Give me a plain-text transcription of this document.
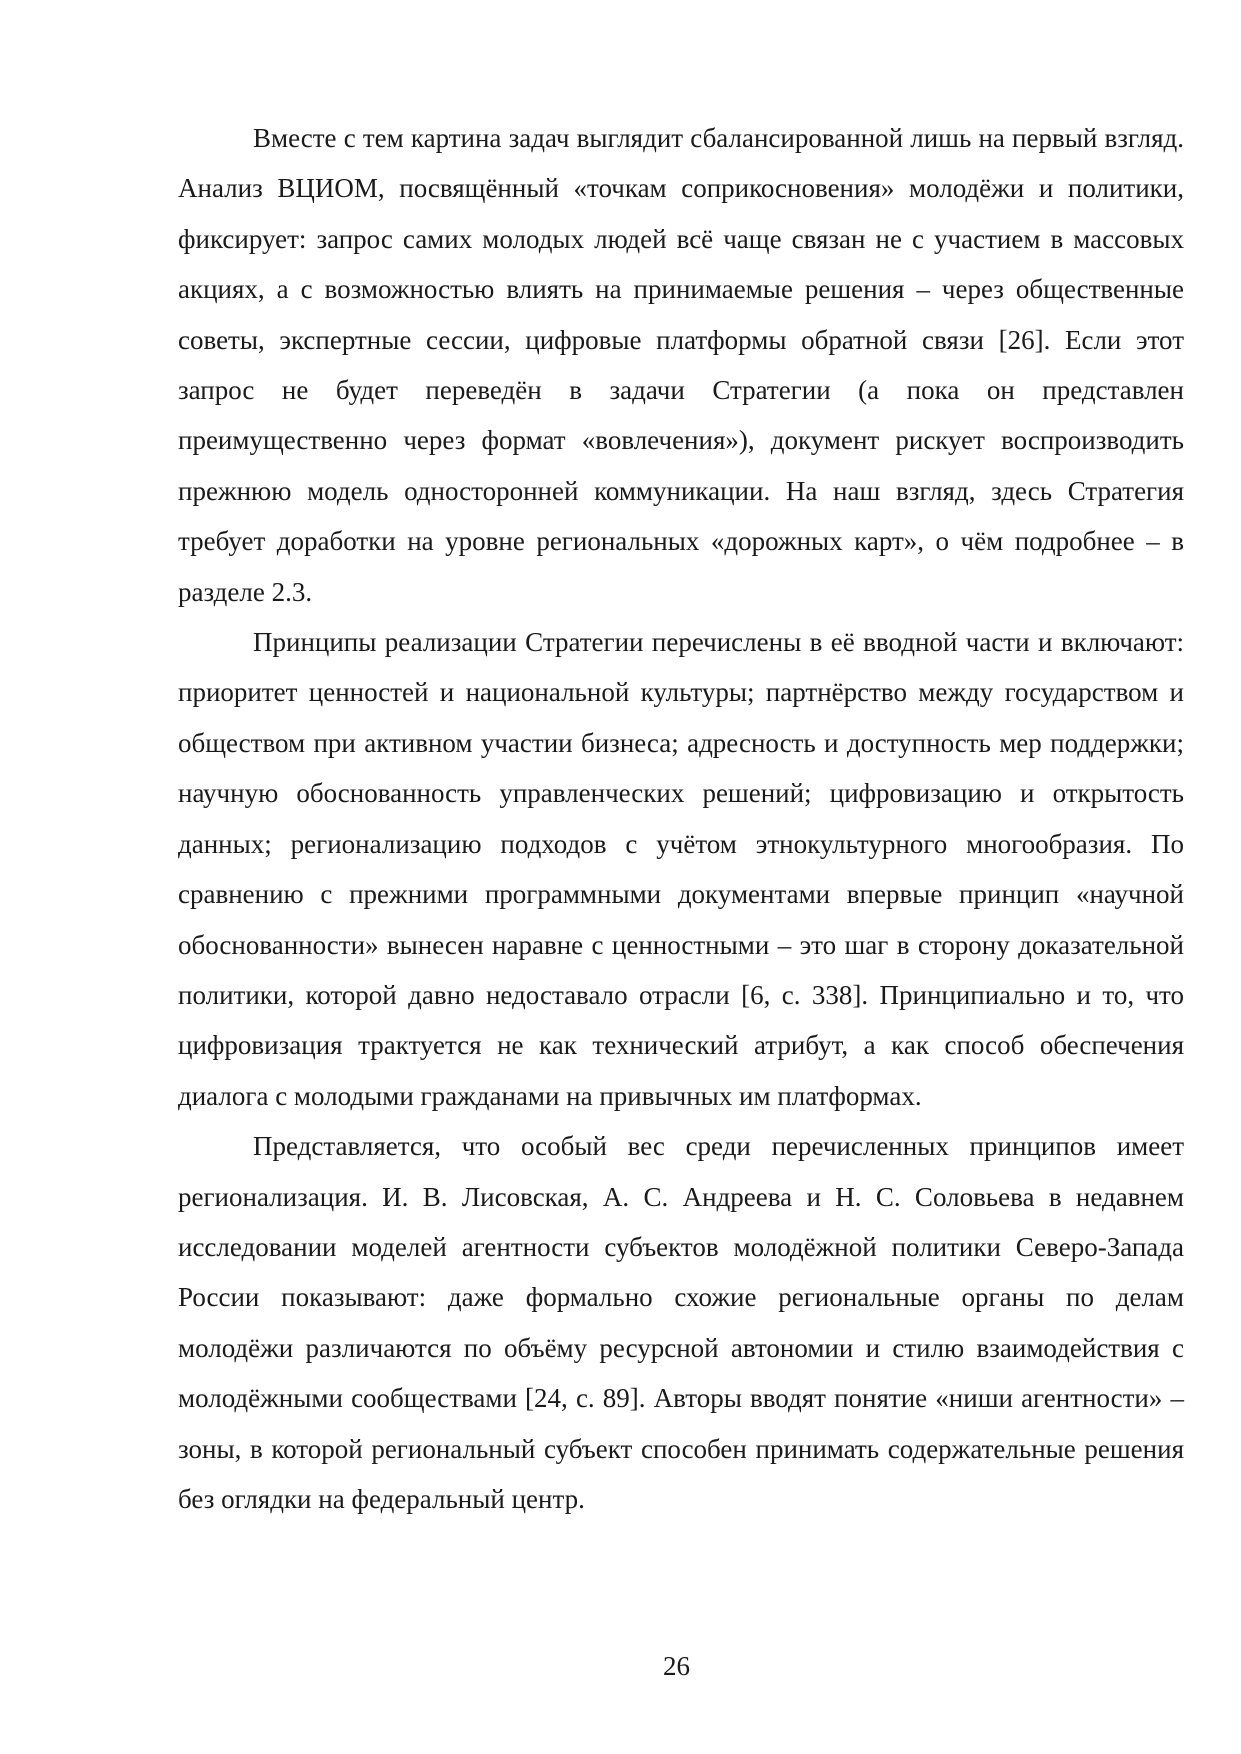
Вместе с тем картина задач выглядит сбалансированной лишь на первый взгляд. Анализ ВЦИОМ, посвящённый «точкам соприкосновения» молодёжи и политики, фиксирует: запрос самих молодых людей всё чаще связан не с участием в массовых акциях, а с возможностью влиять на принимаемые решения – через общественные советы, экспертные сессии, цифровые платформы обратной связи [26]. Если этот запрос не будет переведён в задачи Стратегии (а пока он представлен преимущественно через формат «вовлечения»), документ рискует воспроизводить прежнюю модель односторонней коммуникации. На наш взгляд, здесь Стратегия требует доработки на уровне региональных «дорожных карт», о чём подробнее – в разделе 2.3.

Принципы реализации Стратегии перечислены в её вводной части и включают: приоритет ценностей и национальной культуры; партнёрство между государством и обществом при активном участии бизнеса; адресность и доступность мер поддержки; научную обоснованность управленческих решений; цифровизацию и открытость данных; регионализацию подходов с учётом этнокультурного многообразия. По сравнению с прежними программными документами впервые принцип «научной обоснованности» вынесен наравне с ценностными – это шаг в сторону доказательной политики, которой давно недоставало отрасли [6, с. 338]. Принципиально и то, что цифровизация трактуется не как технический атрибут, а как способ обеспечения диалога с молодыми гражданами на привычных им платформах.

Представляется, что особый вес среди перечисленных принципов имеет регионализация. И. В. Лисовская, А. С. Андреева и Н. С. Соловьева в недавнем исследовании моделей агентности субъектов молодёжной политики Северо-Запада России показывают: даже формально схожие региональные органы по делам молодёжи различаются по объёму ресурсной автономии и стилю взаимодействия с молодёжными сообществами [24, с. 89]. Авторы вводят понятие «ниши агентности» – зоны, в которой региональный субъект способен принимать содержательные решения без оглядки на федеральный центр.

26
